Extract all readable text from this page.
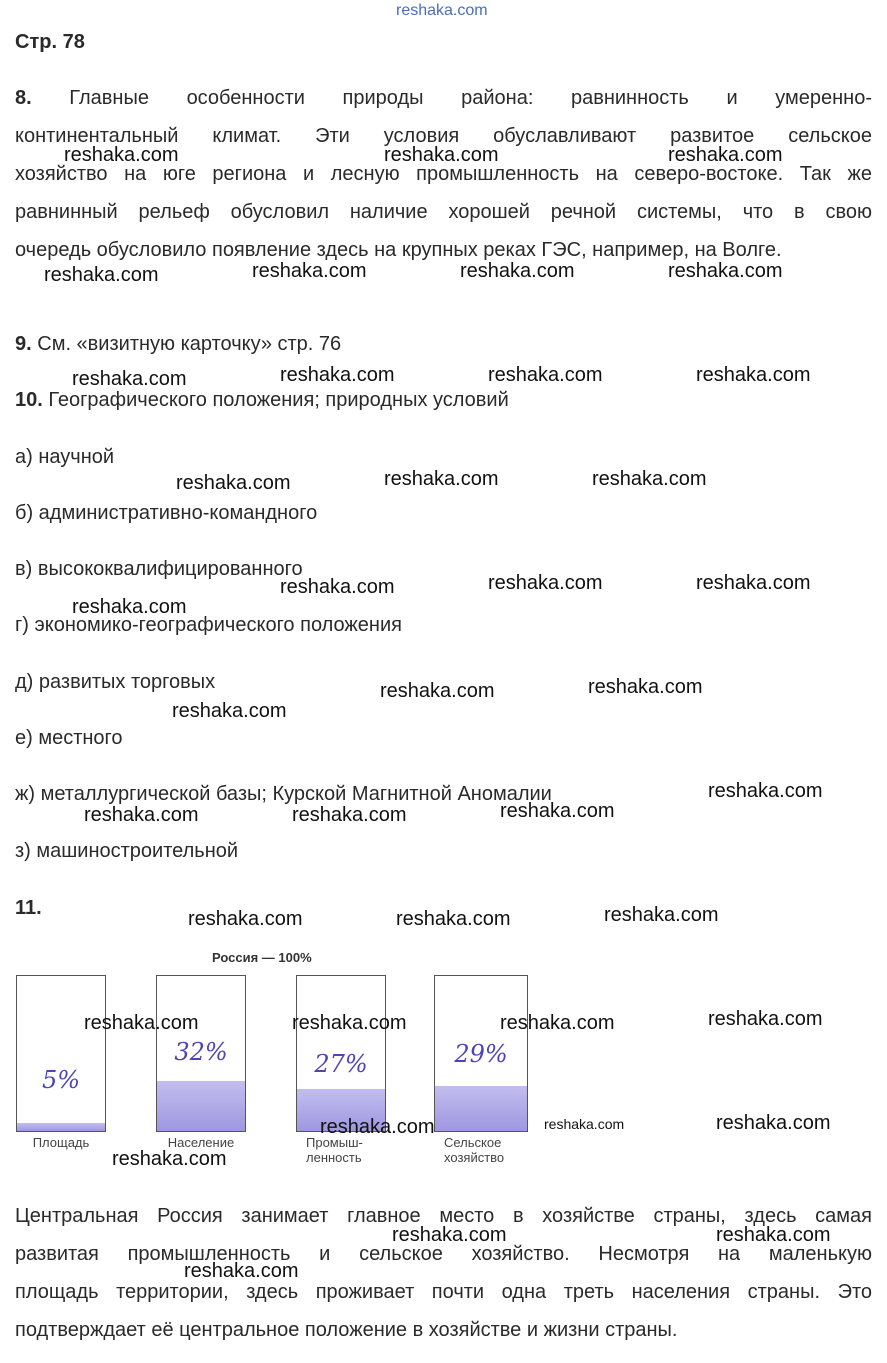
reshaka.com
Стр. 78
8. Главные особенности природы района: равнинность и умеренно-
континентальный климат. Эти условия обуславливают развитое сельское
хозяйство на юге региона и лесную промышленность на северо-востоке. Так же
равнинный рельеф обусловил наличие хорошей речной системы, что в свою
очередь обусловило появление здесь на крупных реках ГЭС, например, на Волге.
9. См. «визитную карточку» стр. 76
10. Географического положения; природных условий
а) научной
б) административно-командного
в) высококвалифицированного
г) экономико-географического положения
д) развитых торговых
е) местного
ж) металлургической базы; Курской Магнитной Аномалии
з) машиностроительной
11.
Россия — 100%
5%
32%	27%	29%
Площадь	Население	Промыш-
ленность
Сельское
хозяйство
Центральная Россия занимает главное место в хозяйстве страны, здесь самая
развитая промышленность и сельское хозяйство. Несмотря на маленькую
площадь территории, здесь проживает почти одна треть населения страны. Это
подтверждает её центральное положение в хозяйстве и жизни страны.
reshaka.com	reshaka.com	reshaka.com
reshaka.com	reshaka.com	reshaka.com	reshaka.com
reshaka.com	reshaka.com	reshaka.com	reshaka.com
reshaka.com	reshaka.com	reshaka.com
reshaka.com	reshaka.com	reshaka.com
reshaka.com
reshaka.com	reshaka.com
reshaka.com
reshaka.com
reshaka.com
reshaka.com	reshaka.com
reshaka.com	reshaka.com	reshaka.com
reshaka.com	reshaka.com	reshaka.com	reshaka.com
reshaka.com	reshaka.com	reshaka.com
reshaka.com
reshaka.com	reshaka.com
reshaka.com
